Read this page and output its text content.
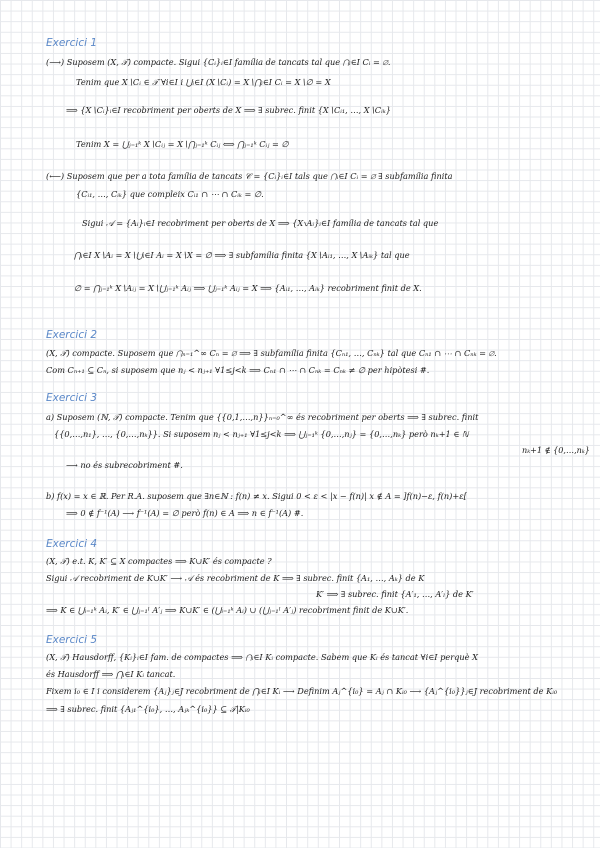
Exercici 1
(⟶) Suposem (X, 𝒯) compacte. Sigui {Cᵢ}ᵢ∈I família de tancats tal que ⋂ᵢ∈I Cᵢ = ∅.
Tenim que X∖Cᵢ ∈ 𝒯 ∀i∈I i ⋃ᵢ∈I (X∖Cᵢ) = X∖⋂ᵢ∈I Cᵢ = X∖∅ = X
⟹ {X∖Cᵢ}ᵢ∈I recobriment per oberts de X ⟹ ∃ subrec. finit {X∖Cᵢ₁, …, X∖Cᵢₖ}
Tenim X = ⋃ⱼ₌₁ᵏ X∖Cᵢⱼ = X∖⋂ⱼ₌₁ᵏ Cᵢⱼ ⟺ ⋂ⱼ₌₁ᵏ Cᵢⱼ = ∅
(⟵) Suposem que per a tota família de tancats 𝒞 = {Cᵢ}ᵢ∈I tals que ⋂ᵢ∈I Cᵢ = ∅ ∃ subfamília finita
{Cᵢ₁, …, Cᵢₖ} que compleix Cᵢ₁ ∩ ⋯ ∩ Cᵢₖ = ∅.
Sigui 𝒜 = {Aᵢ}ᵢ∈I recobriment per oberts de X ⟹ {X∖Aᵢ}ᵢ∈I família de tancats tal que
⋂ᵢ∈I X∖Aᵢ = X∖⋃ᵢ∈I Aᵢ = X∖X = ∅ ⟹ ∃ subfamília finita {X∖Aᵢ₁, …, X∖Aᵢₖ} tal que
∅ = ⋂ⱼ₌₁ᵏ X∖Aᵢⱼ = X∖⋃ⱼ₌₁ᵏ Aᵢⱼ ⟹ ⋃ⱼ₌₁ᵏ Aᵢⱼ = X ⟹ {Aᵢ₁, …, Aᵢₖ} recobriment finit de X.
Exercici 2
(X, 𝒯) compacte. Suposem que ⋂ₙ₌₁^∞ Cₙ = ∅ ⟹ ∃ subfamília finita {Cₙ₁, …, Cₙₖ} tal que Cₙ₁ ∩ ⋯ ∩ Cₙₖ = ∅.
Com Cₙ₊₁ ⊆ Cₙ, si suposem que nⱼ < nⱼ₊₁ ∀1≤j<k ⟹ Cₙ₁ ∩ ⋯ ∩ Cₙₖ = Cₙₖ ≠ ∅ per hipòtesi #.
Exercici 3
a) Suposem (ℕ, 𝒯) compacte. Tenim que {{0,1,…,n}}ₙ₌₀^∞ és recobriment per oberts ⟹ ∃ subrec. finit
{{0,…,n₁}, …, {0,…,nₖ}}. Si suposem nⱼ < nⱼ₊₁ ∀1≤j<k ⟹ ⋃ⱼ₌₁ᵏ {0,…,nⱼ} = {0,…,nₖ} però nₖ+1 ∈ ℕ
nₖ+1 ∉ {0,…,nₖ}
⟶ no és subrecobriment #.
b) f(x) = x ∈ ℝ. Per R.A. suposem que ∃n∈ℕ : f(n) ≠ x. Sigui 0 < ε < |x − f(n)| x ∉ A = ]f(n)−ε, f(n)+ε[
⟹ 0 ∉ f⁻¹(A) ⟶ f⁻¹(A) = ∅ però f(n) ∈ A ⟹ n ∈ f⁻¹(A) #.
Exercici 4
(X, 𝒯) e.t. K, K′ ⊆ X compactes ⟹ K∪K′ és compacte ?
Sigui 𝒜 recobriment de K∪K′ ⟶ 𝒜 és recobriment de K ⟹ ∃ subrec. finit {A₁, …, Aₖ} de K
K′ ⟹ ∃ subrec. finit {A′₁, …, A′ₗ} de K′
⟹ K ∈ ⋃ᵢ₌₁ᵏ Aᵢ, K′ ∈ ⋃ⱼ₌₁ˡ A′ⱼ ⟹ K∪K′ ∈ (⋃ᵢ₌₁ᵏ Aᵢ) ∪ (⋃ⱼ₌₁ˡ A′ⱼ) recobriment finit de K∪K′.
Exercici 5
(X, 𝒯) Hausdorff, {Kᵢ}ᵢ∈I fam. de compactes ⟹ ⋂ᵢ∈I Kᵢ compacte. Sabem que Kᵢ és tancat ∀i∈I perquè X
és Hausdorff ⟹ ⋂ᵢ∈I Kᵢ tancat.
Fixem i₀ ∈ I i considerem {Aⱼ}ⱼ∈J recobriment de ⋂ᵢ∈I Kᵢ ⟶ Definim Aⱼ^{i₀} = Aⱼ ∩ Kᵢ₀ ⟶ {Aⱼ^{i₀}}ⱼ∈J recobriment de Kᵢ₀
⟹ ∃ subrec. finit {Aⱼ₁^{i₀}, …, Aⱼₖ^{i₀}} ⊆ 𝒯|Kᵢ₀
